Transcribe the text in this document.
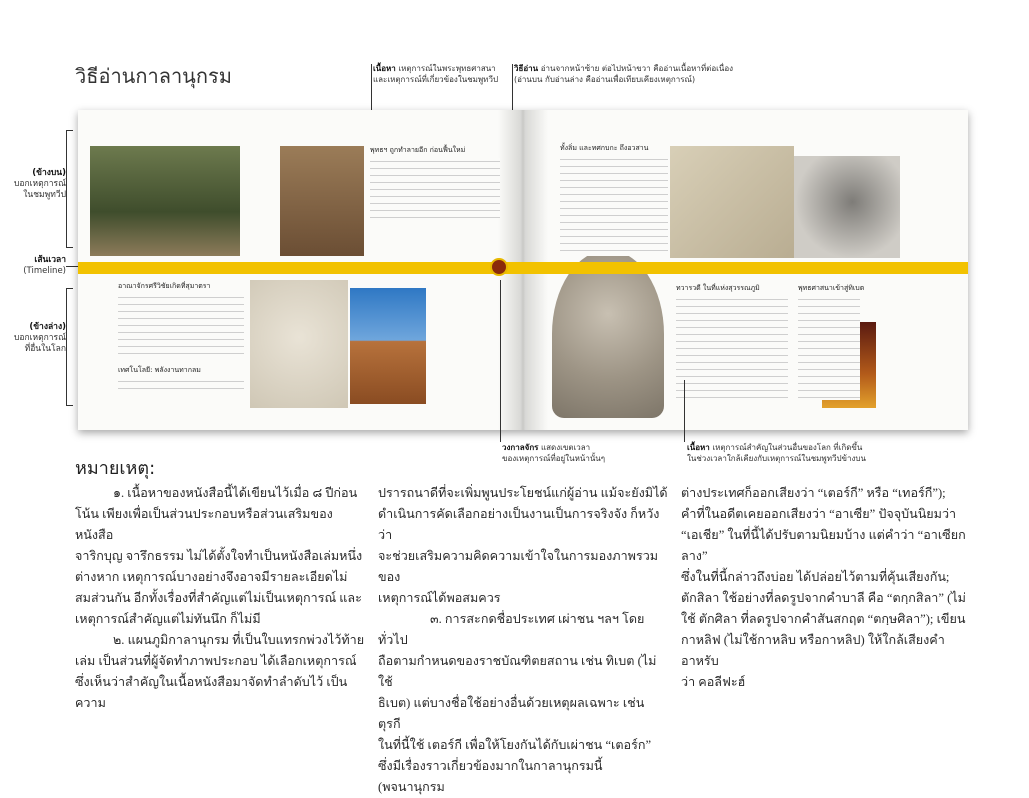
วิธีอ่านกาลานุกรม	เนื้อหา เหตุการณ์ในพระพุทธศาสนา
และเหตุการณ์ที่เกี่ยวข้องในชมพูทวีป
วิธีอ่าน อ่านจากหน้าซ้าย ต่อไปหน้าขวา คืออ่านเนื้อหาที่ต่อเนื่อง
(อ่านบน กับอ่านล่าง คืออ่านเพื่อเทียบเคียงเหตุการณ์)
(ข้างบน)
บอกเหตุการณ์
ในชมพูทวีป
เส้นเวลา
(Timeline)
(ข้างล่าง)
บอกเหตุการณ์
ที่อื่นในโลก
พุทธฯ ถูกทำลายอีก ก่อนฟื้นใหม่
อาณาจักรศรีวิชัยเกิดที่สุมาตรา
เทศโนโลยี: พลังงานทากลม
ทั้งลิ่ม และทศกบกะ ถึงอวสาน
ทวารวดี ในที่แห่งสุวรรณภูมิ	พุทธศาสนาเข้าสู่ทิเบต
วงกาลจักร แสดงเขตเวลา
ของเหตุการณ์ที่อยู่ในหน้านั้นๆ
เนื้อหา เหตุการณ์สำคัญในส่วนอื่นของโลก ที่เกิดขึ้น
ในช่วงเวลาใกล้เคียงกับเหตุการณ์ในชมพูทวีปข้างบน
หมายเหตุ:

๑. เนื้อหาของหนังสือนี้ได้เขียนไว้เมื่อ ๘ ปีก่อน

โน้น เพียงเพื่อเป็นส่วนประกอบหรือส่วนเสริมของหนังสือ

จาริกบุญ จารึกธรรม ไม่ได้ตั้งใจทำเป็นหนังสือเล่มหนึ่ง

ต่างหาก เหตุการณ์บางอย่างจึงอาจมีรายละเอียดไม่

สมส่วนกัน อีกทั้งเรื่องที่สำคัญแต่ไม่เป็นเหตุการณ์ และ

เหตุการณ์สำคัญแต่ไม่ทันนึก ก็ไม่มี

๒. แผนภูมิกาลานุกรม ที่เป็นใบแทรกพ่วงไว้ท้าย

เล่ม เป็นส่วนที่ผู้จัดทำภาพประกอบ ได้เลือกเหตุการณ์

ซึ่งเห็นว่าสำคัญในเนื้อหนังสือมาจัดทำลำดับไว้ เป็นความ

ปรารถนาดีที่จะเพิ่มพูนประโยชน์แก่ผู้อ่าน แม้จะยังมิได้

ดำเนินการคัดเลือกอย่างเป็นงานเป็นการจริงจัง ก็หวังว่า

จะช่วยเสริมความคิดความเข้าใจในการมองภาพรวมของ

เหตุการณ์ได้พอสมควร

๓. การสะกดชื่อประเทศ เผ่าชน ฯลฯ โดยทั่วไป

ถือตามกำหนดของราชบัณฑิตยสถาน เช่น ทิเบต (ไม่ใช้

ธิเบต) แต่บางชื่อใช้อย่างอื่นด้วยเหตุผลเฉพาะ เช่น ตุรกี

ในที่นี้ใช้ เตอร์กี เพื่อให้โยงกันได้กับเผ่าชน “เตอร์ก”

ซึ่งมีเรื่องราวเกี่ยวข้องมากในกาลานุกรมนี้ (พจนานุกรม

ต่างประเทศก็ออกเสียงว่า “เตอร์กี” หรือ “เทอร์กี”);

คำที่ในอดีตเคยออกเสียงว่า “อาเซีย” ปัจจุบันนิยมว่า

“เอเชีย” ในที่นี้ได้ปรับตามนิยมบ้าง แต่คำว่า “อาเซียกลาง”

ซึ่งในที่นี้กล่าวถึงบ่อย ได้ปล่อยไว้ตามที่คุ้นเสียงกัน;

ตักสิลา ใช้อย่างที่ลดรูปจากคำบาลี คือ “ตกฺกสิลา” (ไม่

ใช้ ตักศิลา ที่ลดรูปจากคำสันสกฤต “ตกฺษศิลา”); เขียน

กาหลิฟ (ไม่ใช้กาหลิบ หรือกาหลิป) ให้ใกล้เสียงคำอาหรับ

ว่า คอลีฟะฮ์
